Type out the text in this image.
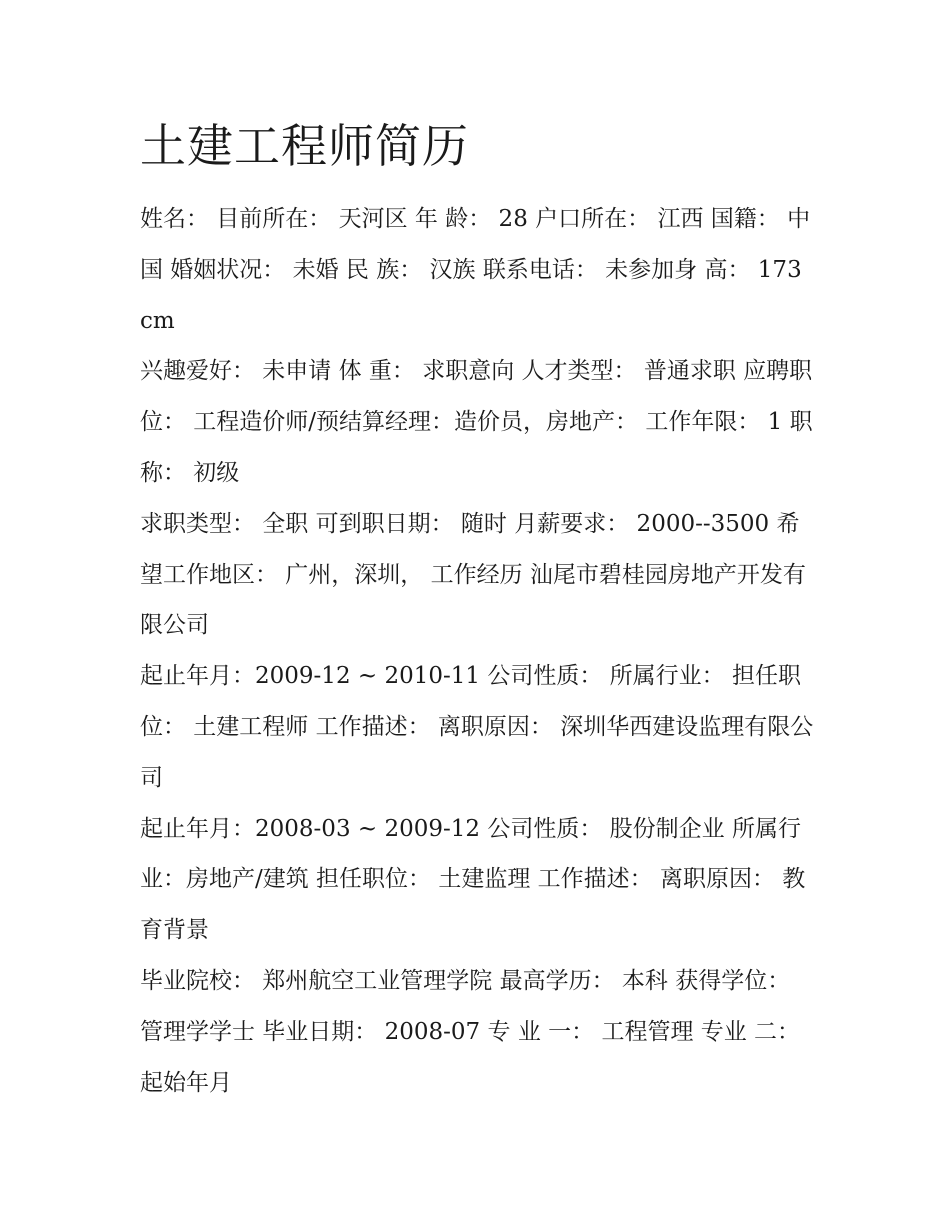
土建工程师简历

姓名： 目前所在： 天河区 年 龄： 28 户口所在： 江西 国籍： 中国 婚姻状况： 未婚 民 族： 汉族 联系电话： 未参加身 高： 173 cm

兴趣爱好： 未申请 体 重： 求职意向 人才类型： 普通求职 应聘职位： 工程造价师/预结算经理：造价员，房地产： 工作年限： 1 职 称： 初级

求职类型： 全职 可到职日期： 随时 月薪要求： 2000--3500 希望工作地区： 广州，深圳， 工作经历 汕尾市碧桂园房地产开发有限公司

起止年月：2009-12 ~ 2010-11 公司性质： 所属行业： 担任职位： 土建工程师 工作描述： 离职原因： 深圳华西建设监理有限公司

起止年月：2008-03 ~ 2009-12 公司性质： 股份制企业 所属行业：房地产/建筑 担任职位： 土建监理 工作描述： 离职原因： 教育背景

毕业院校： 郑州航空工业管理学院 最高学历： 本科 获得学位： 管理学学士 毕业日期： 2008-07 专 业 一： 工程管理 专业 二： 起始年月
